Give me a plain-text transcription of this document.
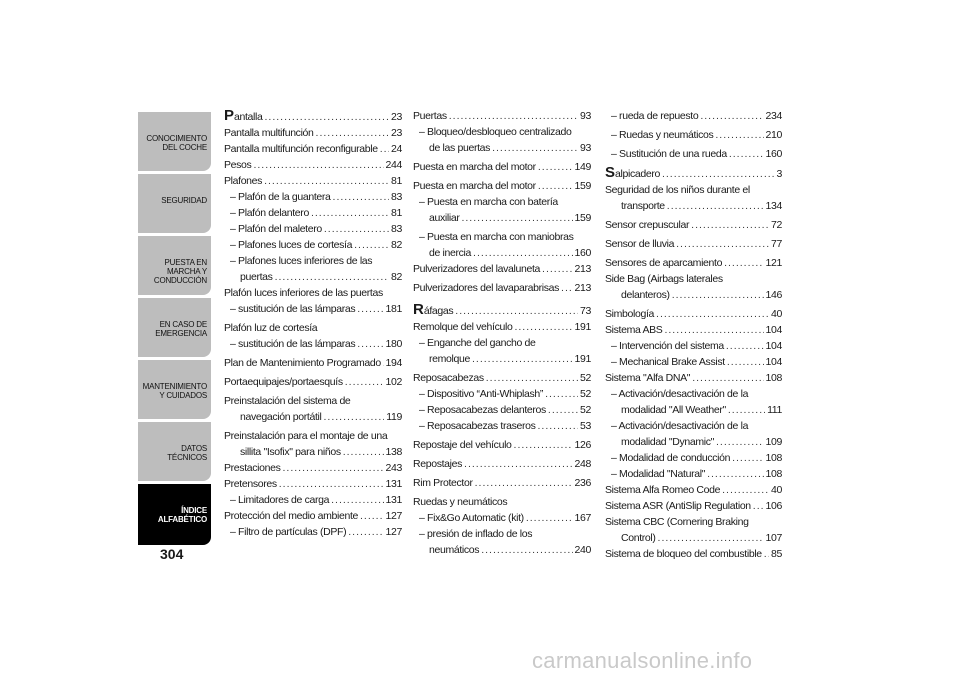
CONOCIMIENTO DEL COCHE
SEGURIDAD
PUESTA EN MARCHA Y CONDUCCIÓN
EN CASO DE EMERGENCIA
MANTENIMIENTO Y CUIDADOS
DATOS TÉCNICOS
ÍNDICE ALFABÉTICO
304
Pantalla .....	23
Pantalla multifunción .....	23
Pantalla multifunción reconfigurable ..... 24
Pesos .....	244
Plafones .....	81
– Plafón de la guantera .....	83
– Plafón delantero .....	81
– Plafón del maletero .....	83
– Plafones luces de cortesía .....	82
– Plafones luces inferiores de las
puertas .....	82
Plafón luces inferiores de las puertas
– sustitución de las lámparas .....	181
Plafón luz de cortesía
– sustitución de las lámparas .....	180
Plan de Mantenimiento Programado ..... 194
Portaequipajes/portaesquís .....	102
Preinstalación del sistema de
navegación portátil .....	119
Preinstalación para el montaje de una
sillita "Isofix" para niños .....	138
Prestaciones .....	243
Pretensores .....	131
– Limitadores de carga .....	131
Protección del medio ambiente .....	127
– Filtro de partículas (DPF) .....	127
Puertas .....	93
– Bloqueo/desbloqueo centralizado
de las puertas .....	93
Puesta en marcha del motor .....	149
Puesta en marcha del motor .....	159
– Puesta en marcha con batería
auxiliar .....	159
– Puesta en marcha con maniobras
de inercia .....	160
Pulverizadores del lavaluneta .....	213
Pulverizadores del lavaparabrisas ..... 213
Ráfagas .....	73
Remolque del vehículo .....	191
– Enganche del gancho de
remolque .....	191
Reposacabezas .....	52
– Dispositivo “Anti-Whiplash” .....	52
– Reposacabezas delanteros .....	52
– Reposacabezas traseros .....	53
Repostaje del vehículo .....	126
Repostajes .....	248
Rim Protector .....	236
Ruedas y neumáticos
– Fix&Go Automatic (kit) .....	167
– presión de inflado de los
neumáticos .....	240
– rueda de repuesto .....	234
– Ruedas y neumáticos .....	210
– Sustitución de una rueda .....	160
Salpicadero .....	3
Seguridad de los niños durante el
transporte .....	134
Sensor crepuscular .....	72
Sensor de lluvia .....	77
Sensores de aparcamiento .....	121
Side Bag (Airbags laterales
delanteros) .....	146
Simbología .....	40
Sistema ABS .....	104
– Intervención del sistema .....	104
– Mechanical Brake Assist .....	104
Sistema "Alfa DNA" .....	108
– Activación/desactivación de la
modalidad "All Weather" .....	111
– Activación/desactivación de la
modalidad "Dynamic" .....	109
– Modalidad de conducción .....	108
– Modalidad "Natural" .....	108
Sistema Alfa Romeo Code .....	40
Sistema ASR (AntiSlip Regulation ..... 106
Sistema CBC (Cornering Braking
Control) .....	107
Sistema de bloqueo del combustible ..... 85
carmanualsonline.info
